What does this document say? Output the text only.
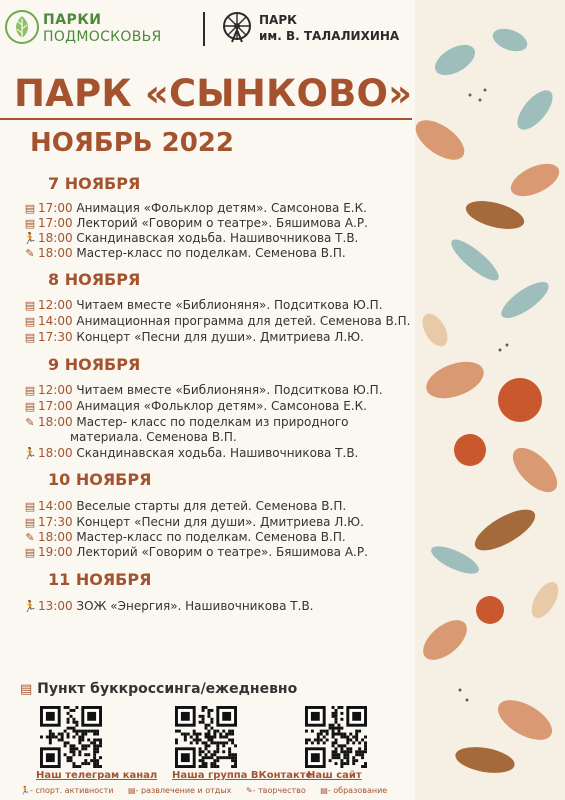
ПАРКИ
ПОДМОСКОВЬЯ
ПАРК
им. В. ТАЛАЛИХИНА
ПАРК «СЫНКОВО»
НОЯБРЬ 2022
7 НОЯБРЯ
▤ 17:00 Анимация «Фольклор детям». Самсонова Е.К.
▤ 17:00 Лекторий «Говорим о театре». Бяшимова А.Р.
🏃18:00 Скандинавская ходьба. Нашивочникова Т.В.
✎ 18:00 Мастер-класс по поделкам. Семенова В.П.
8 НОЯБРЯ
▤ 12:00 Читаем вместе «Библионяня». Подситкова Ю.П.
▤ 14:00 Анимационная программа для детей. Семенова В.П.
▤ 17:30 Концерт «Песни для души». Дмитриева Л.Ю.
9 НОЯБРЯ
▤ 12:00 Читаем вместе «Библионяня». Подситкова Ю.П.
▤ 17:00 Анимация «Фольклор детям». Самсонова Е.К.
✎ 18:00 Мастер- класс по поделкам из природного
материала. Семенова В.П.
🏃18:00 Скандинавская ходьба. Нашивочникова Т.В.
10 НОЯБРЯ
▤ 14:00 Веселые старты для детей. Семенова В.П.
▤ 17:30 Концерт «Песни для души». Дмитриева Л.Ю.
✎ 18:00 Мастер-класс по поделкам. Семенова В.П.
▤ 19:00 Лекторий «Говорим о театре». Бяшимова А.Р.
11 НОЯБРЯ
🏃13:00 ЗОЖ «Энергия». Нашивочникова Т.В.
▤ Пункт буккроссинга/ежедневно
Наш телеграм канал Наша группа ВКонтакте
Наш сайт
🏃- спорт. активности ▤- развлечение и отдых ✎- творчество ▤- образование
